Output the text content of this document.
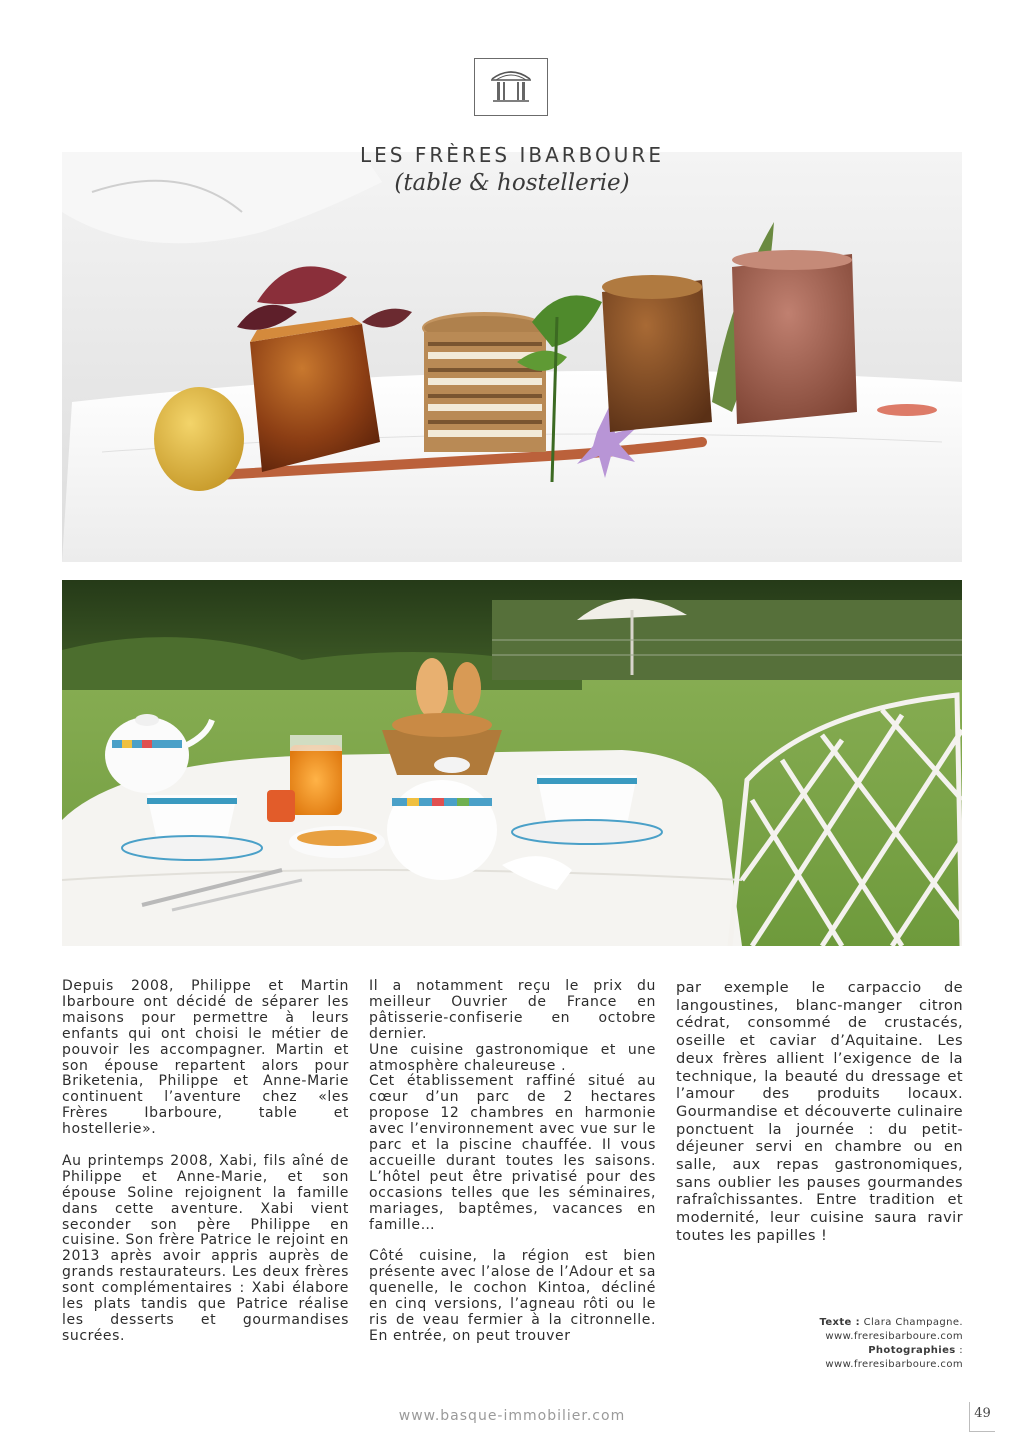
LES FRÈRES IBARBOURE
(table & hostellerie)

Depuis 2008, Philippe et Martin Ibarboure ont décidé de séparer les maisons pour permettre à leurs enfants qui ont choisi le métier de pouvoir les accompagner. Martin et son épouse repartent alors pour Briketenia, Philippe et Anne-Marie continuent l’aventure chez «les Frères Ibarboure, table et hostellerie».

Au printemps 2008, Xabi, fils aîné de Philippe et Anne-Marie, et son épouse Soline rejoignent la famille dans cette aventure. Xabi vient seconder son père Philippe en cuisine. Son frère Patrice le rejoint en 2013 après avoir appris auprès de grands restaurateurs. Les deux frères sont complémentaires : Xabi élabore les plats tandis que Patrice réalise les desserts et gourmandises sucrées.

Il a notamment reçu le prix du meilleur Ouvrier de France en pâtisserie-confiserie en octobre dernier.

Une cuisine gastronomique et une atmosphère chaleureuse .

Cet établissement raffiné situé au cœur d’un parc de 2 hectares propose 12 chambres en harmonie avec l’environnement avec vue sur le parc et la piscine chauffée. Il vous accueille durant toutes les saisons. L’hôtel peut être privatisé pour des occasions telles que les séminaires, mariages, baptêmes, vacances en famille…

Côté cuisine, la région est bien présente avec l’alose de l’Adour et sa quenelle, le cochon Kintoa, décliné en cinq versions, l’agneau rôti ou le ris de veau fermier à la citronnelle. En entrée, on peut trouver

par exemple le carpaccio de langoustines, blanc-manger citron cédrat, consommé de crustacés, oseille et caviar d’Aquitaine. Les deux frères allient l’exigence de la technique, la beauté du dressage et l’amour des produits locaux. Gourmandise et découverte culinaire ponctuent la journée : du petit-déjeuner servi en chambre ou en salle, aux repas gastronomiques, sans oublier les pauses gourmandes rafraîchissantes. Entre tradition et modernité, leur cuisine saura ravir toutes les papilles !

Texte : Clara Champagne.
www.freresibarboure.com
Photographies :
www.freresibarboure.com
www.basque-immobilier.com	49
